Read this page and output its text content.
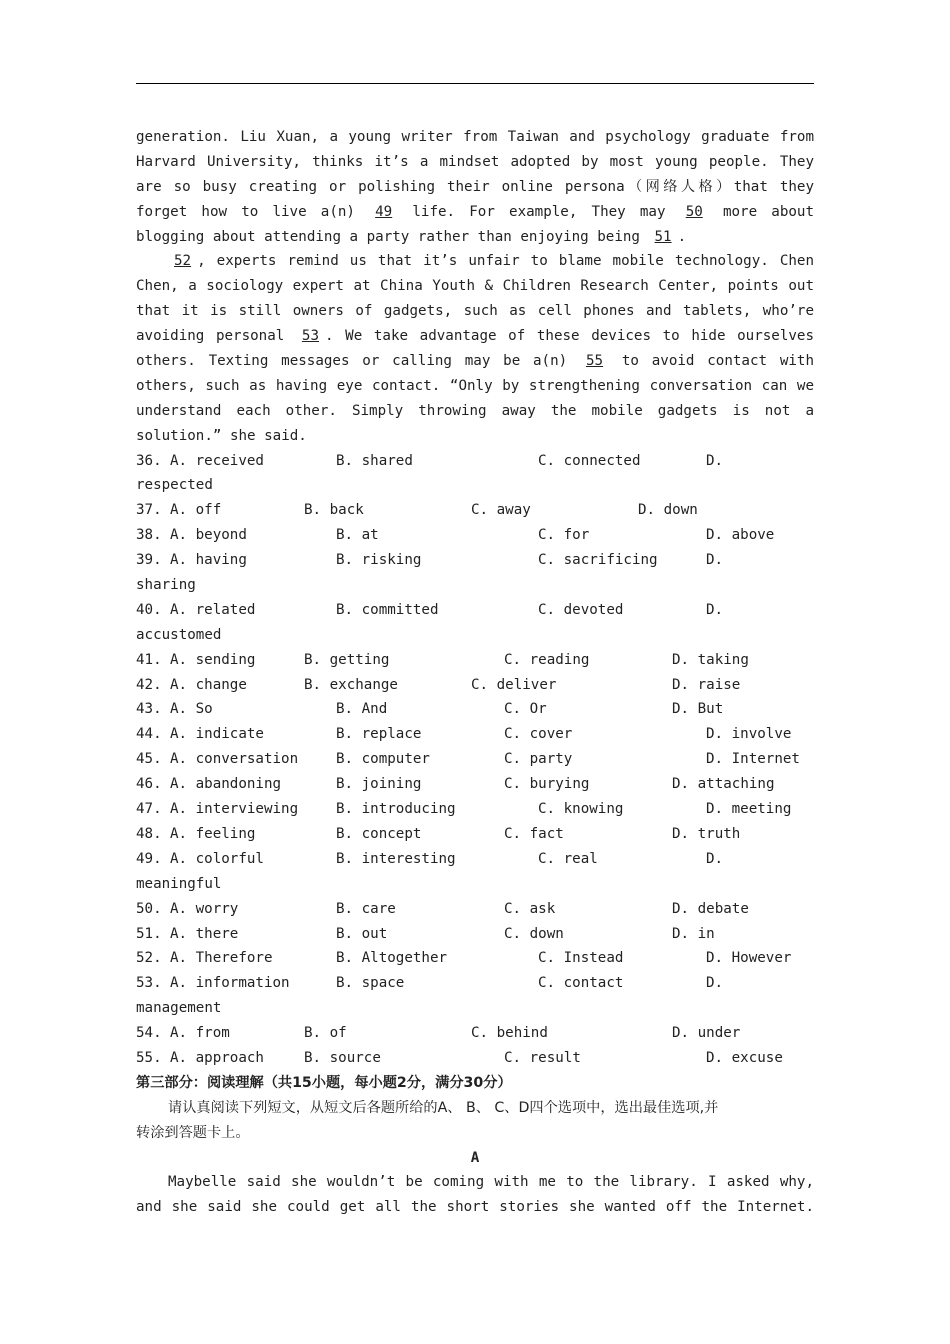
generation. Liu Xuan, a young writer from Taiwan and psychology graduate from
Harvard University, thinks it’s a mindset adopted by most young people. They
are so busy creating or polishing their online persona（网络人格）that they
forget how to live a(n) 49 life. For example, They may 50 more about
blogging about attending a party rather than enjoying being 51 .
52 , experts remind us that it’s unfair to blame mobile technology. Chen
Chen, a sociology expert at China Youth & Children Research Center, points out
that it is still owners of gadgets, such as cell phones and tablets, who’re
avoiding personal 53 . We take advantage of these devices to hide ourselves
others. Texting messages or calling may be a(n) 55 to avoid contact with
others, such as having eye contact. “Only by strengthening conversation can we
understand each other. Simply throwing away the mobile gadgets is not a
solution.” she said.
36. A. received	B. shared	C. connected	D.
respected
37. A. off	B. back	C. away	D. down
38. A. beyond	B. at	C. for	D. above
39. A. having	B. risking	C. sacrificing	D.
sharing
40. A. related	B. committed	C. devoted	D.
accustomed
41. A. sending	B. getting	C. reading	D. taking
42. A. change	B. exchange	C. deliver	D. raise
43. A. So	B. And	C. Or	D. But
44. A. indicate	B. replace	C. cover	D. involve
45. A. conversation	B. computer	C. party	D. Internet
46. A. abandoning	B. joining	C. burying	D. attaching
47. A. interviewing	B. introducing	C. knowing	D. meeting
48. A. feeling	B. concept	C. fact	D. truth
49. A. colorful	B. interesting	C. real	D.
meaningful
50. A. worry	B. care	C. ask	D. debate
51. A. there	B. out	C. down	D. in
52. A. Therefore	B. Altogether	C. Instead	D. However
53. A. information	B. space	C. contact	D.
management
54. A. from	B. of	C. behind	D. under
55. A. approach	B. source	C. result	D. excuse
第三部分：阅读理解（共15小题，每小题2分，满分30分）
请认真阅读下列短文，从短文后各题所给的A、 B、 C、D四个选项中，选出最佳选项,并
转涂到答题卡上。
A
Maybelle said she wouldn’t be coming with me to the library. I asked why,
and she said she could get all the short stories she wanted off the Internet.
